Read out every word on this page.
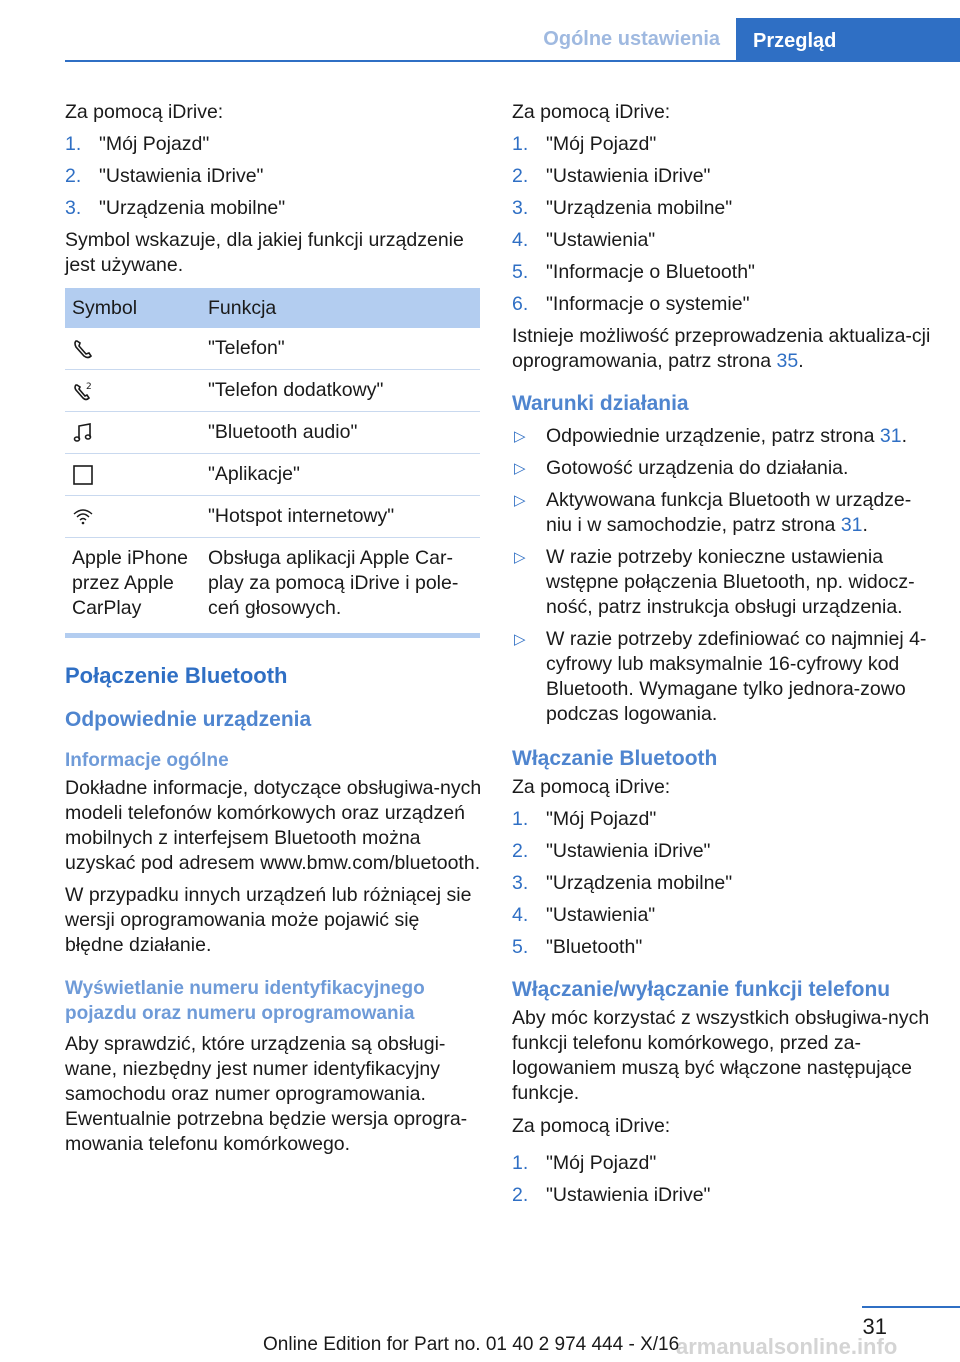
Ogólne ustawienia	Przegląd

Za pomocą iDrive:

1. "Mój Pojazd"
2. "Ustawienia iDrive"
3. "Urządzenia mobilne"

Symbol wskazuje, dla jakiej funkcji urządzenie jest używane.

Symbol	Funkcja
	"Telefon"

2	"Telefon dodatkowy"
	"Bluetooth audio"
	"Aplikacje"
	"Hotspot internetowy"
Apple iPhone przez Apple CarPlay	Obsługa aplikacji Apple Car-play za pomocą iDrive i pole-ceń głosowych.
Połączenie Bluetooth
Odpowiednie urządzenia
Informacje ogólne

Dokładne informacje, dotyczące obsługiwa-nych modeli telefonów komórkowych oraz urządzeń mobilnych z interfejsem Bluetooth można uzyskać pod adresem www.bmw.com/bluetooth.

W przypadku innych urządzeń lub różniącej sie wersji oprogramowania może pojawić się błędne działanie.

Wyświetlanie numeru identyfikacyjnego pojazdu oraz numeru oprogramowania

Aby sprawdzić, które urządzenia są obsługi-wane, niezbędny jest numer identyfikacyjny samochodu oraz numer oprogramowania. Ewentualnie potrzebna będzie wersja oprogra-mowania telefonu komórkowego.

Za pomocą iDrive:

1. "Mój Pojazd"
2. "Ustawienia iDrive"
3. "Urządzenia mobilne"
4. "Ustawienia"
5. "Informacje o Bluetooth"
6. "Informacje o systemie"

Istnieje możliwość przeprowadzenia aktualiza-cji oprogramowania, patrz strona 35.

Warunki działania
▷ Odpowiednie urządzenie, patrz strona 31.
▷ Gotowość urządzenia do działania.
▷ Aktywowana funkcja Bluetooth w urządze-niu i w samochodzie, patrz strona 31.
▷ W razie potrzeby konieczne ustawienia wstępne połączenia Bluetooth, np. widocz-ność, patrz instrukcja obsługi urządzenia.
▷ W razie potrzeby zdefiniować co najmniej 4-cyfrowy lub maksymalnie 16-cyfrowy kod Bluetooth. Wymagane tylko jednora-zowo podczas logowania.
Włączanie Bluetooth

Za pomocą iDrive:

1. "Mój Pojazd"
2. "Ustawienia iDrive"
3. "Urządzenia mobilne"
4. "Ustawienia"
5. "Bluetooth"
Włączanie/wyłączanie funkcji telefonu

Aby móc korzystać z wszystkich obsługiwa-nych funkcji telefonu komórkowego, przed za-logowaniem muszą być włączone następujące funkcje.

Za pomocą iDrive:

1. "Mój Pojazd"
2. "Ustawienia iDrive"
31
armanualsonline.info
Online Edition for Part no. 01 40 2 974 444 - X/16
